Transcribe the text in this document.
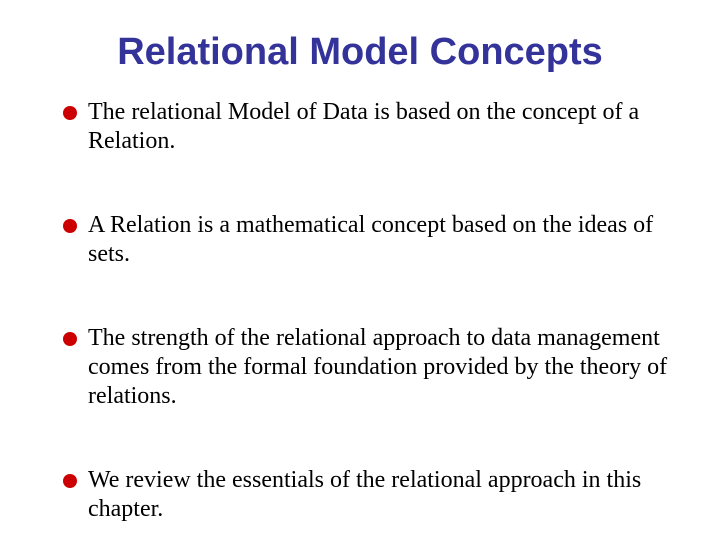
Relational Model Concepts
The relational Model of Data is based on the concept of a Relation.
A Relation is a mathematical concept based on the ideas of sets.
The strength of the relational approach to data management comes from the formal foundation provided by the theory of relations.
We review the essentials of the relational approach in this chapter.
